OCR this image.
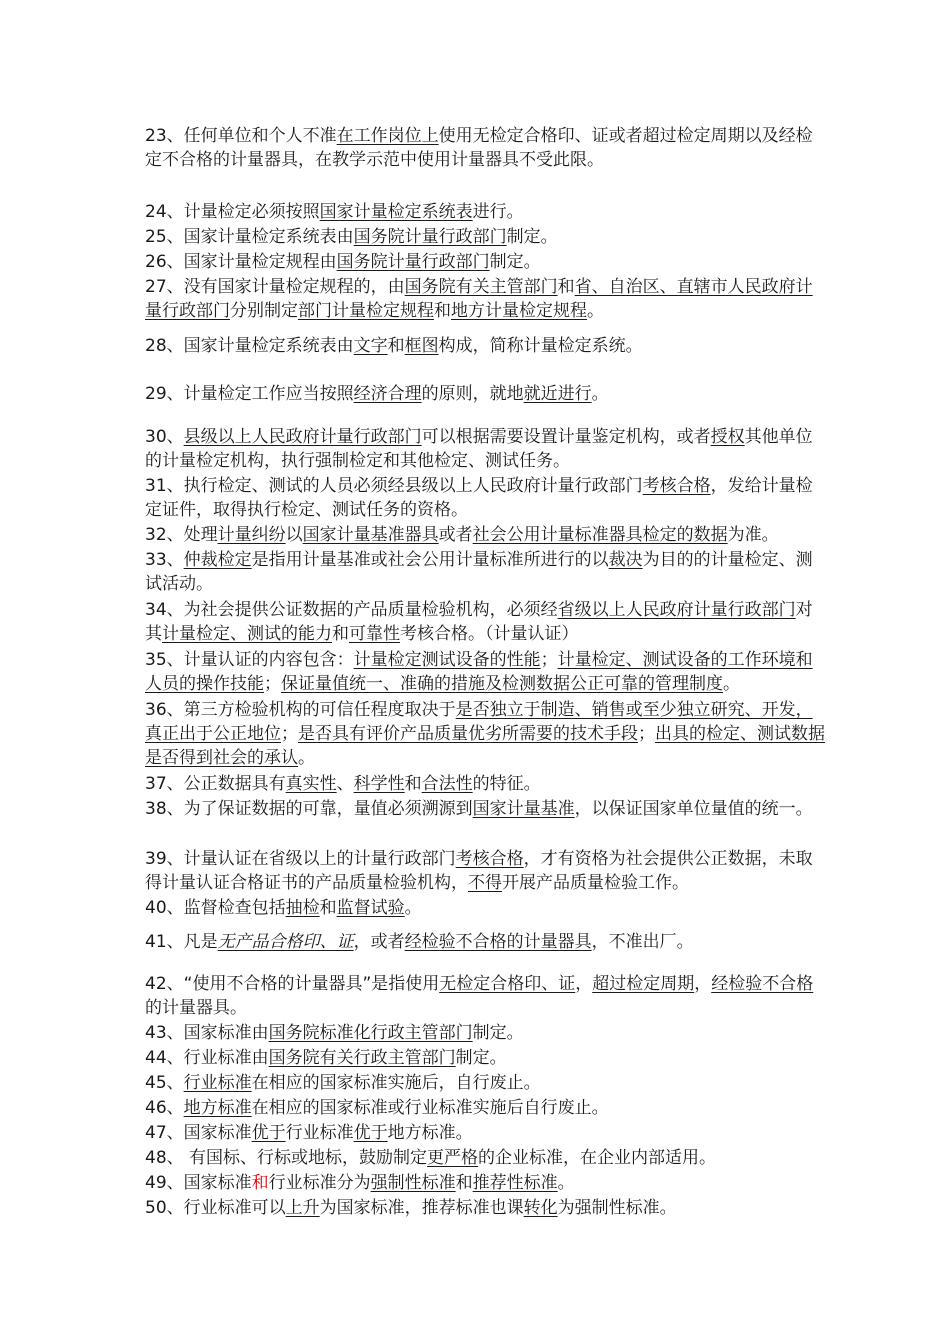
23、任何单位和个人不准在工作岗位上使用无检定合格印、证或者超过检定周期以及经检定不合格的计量器具，在教学示范中使用计量器具不受此限。
24、计量检定必须按照国家计量检定系统表进行。
25、国家计量检定系统表由国务院计量行政部门制定。
26、国家计量检定规程由国务院计量行政部门制定。
27、没有国家计量检定规程的，由国务院有关主管部门和省、自治区、直辖市人民政府计量行政部门分别制定部门计量检定规程和地方计量检定规程。
28、国家计量检定系统表由文字和框图构成，简称计量检定系统。
29、计量检定工作应当按照经济合理的原则，就地就近进行。
30、县级以上人民政府计量行政部门可以根据需要设置计量鉴定机构，或者授权其他单位的计量检定机构，执行强制检定和其他检定、测试任务。
31、执行检定、测试的人员必须经县级以上人民政府计量行政部门考核合格，发给计量检定证件，取得执行检定、测试任务的资格。
32、处理计量纠纷以国家计量基准器具或者社会公用计量标准器具检定的数据为准。
33、仲裁检定是指用计量基准或社会公用计量标准所进行的以裁决为目的的计量检定、测试活动。
34、为社会提供公证数据的产品质量检验机构，必须经省级以上人民政府计量行政部门对其计量检定、测试的能力和可靠性考核合格。（计量认证）
35、计量认证的内容包含：计量检定测试设备的性能；计量检定、测试设备的工作环境和人员的操作技能；保证量值统一、准确的措施及检测数据公正可靠的管理制度。
36、第三方检验机构的可信任程度取决于是否独立于制造、销售或至少独立研究、开发，真正出于公正地位；是否具有评价产品质量优劣所需要的技术手段；出具的检定、测试数据是否得到社会的承认。
37、公正数据具有真实性、科学性和合法性的特征。
38、为了保证数据的可靠，量值必须溯源到国家计量基准，以保证国家单位量值的统一。
39、计量认证在省级以上的计量行政部门考核合格，才有资格为社会提供公正数据，未取得计量认证合格证书的产品质量检验机构，不得开展产品质量检验工作。
40、监督检查包括抽检和监督试验。
41、凡是无产品合格印、证，或者经检验不合格的计量器具，不准出厂。
42、“使用不合格的计量器具”是指使用无检定合格印、证，超过检定周期，经检验不合格的计量器具。
43、国家标准由国务院标准化行政主管部门制定。
44、行业标准由国务院有关行政主管部门制定。
45、行业标准在相应的国家标准实施后，自行废止。
46、地方标准在相应的国家标准或行业标准实施后自行废止。
47、国家标准优于行业标准优于地方标准。
48、 有国标、行标或地标，鼓励制定更严格的企业标准，在企业内部适用。
49、国家标准和行业标准分为强制性标准和推荐性标准。
50、行业标准可以上升为国家标准，推荐标准也课转化为强制性标准。
